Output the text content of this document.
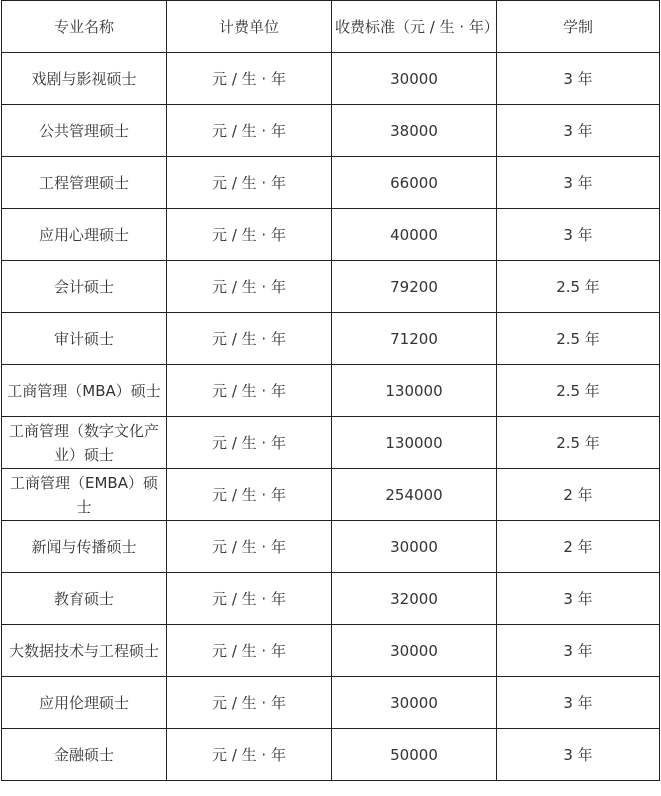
专业名称	计费单位	收费标准（元 / 生 · 年）	学制
戏剧与影视硕士	元 / 生 · 年	30000	3 年
公共管理硕士	元 / 生 · 年	38000	3 年
工程管理硕士	元 / 生 · 年	66000	3 年
应用心理硕士	元 / 生 · 年	40000	3 年
会计硕士	元 / 生 · 年	79200	2.5 年
审计硕士	元 / 生 · 年	71200	2.5 年
工商管理（MBA）硕士	元 / 生 · 年	130000	2.5 年
工商管理（数字文化产业）硕士	元 / 生 · 年	130000	2.5 年
工商管理（EMBA）硕士	元 / 生 · 年	254000	2 年
新闻与传播硕士	元 / 生 · 年	30000	2 年
教育硕士	元 / 生 · 年	32000	3 年
大数据技术与工程硕士	元 / 生 · 年	30000	3 年
应用伦理硕士	元 / 生 · 年	30000	3 年
金融硕士	元 / 生 · 年	50000	3 年
